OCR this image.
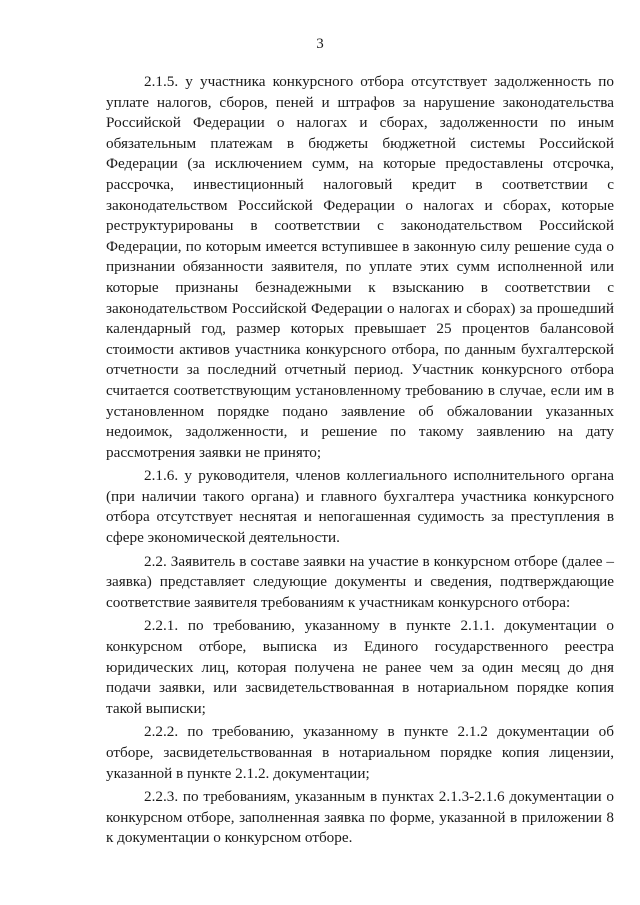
3

2.1.5. у участника конкурсного отбора отсутствует задолженность по уплате налогов, сборов, пеней и штрафов за нарушение законодательства Российской Федерации о налогах и сборах, задолженности по иным обязательным платежам в бюджеты бюджетной системы Российской Федерации (за исключением сумм, на которые предоставлены отсрочка, рассрочка, инвестиционный налоговый кредит в соответствии с законодательством Российской Федерации о налогах и сборах, которые реструктурированы в соответствии с законодательством Российской Федерации, по которым имеется вступившее в законную силу решение суда о признании обязанности заявителя, по уплате этих сумм исполненной или которые признаны безнадежными к взысканию в соответствии с законодательством Российской Федерации о налогах и сборах) за прошедший календарный год, размер которых превышает 25 процентов балансовой стоимости активов участника конкурсного отбора, по данным бухгалтерской отчетности за последний отчетный период. Участник конкурсного отбора считается соответствующим установленному требованию в случае, если им в установленном порядке подано заявление об обжаловании указанных недоимок, задолженности, и решение по такому заявлению на дату рассмотрения заявки не принято;

2.1.6. у руководителя, членов коллегиального исполнительного органа (при наличии такого органа) и главного бухгалтера участника конкурсного отбора отсутствует неснятая и непогашенная судимость за преступления в сфере экономической деятельности.

2.2. Заявитель в составе заявки на участие в конкурсном отборе (далее – заявка) представляет следующие документы и сведения, подтверждающие соответствие заявителя требованиям к участникам конкурсного отбора:

2.2.1. по требованию, указанному в пункте 2.1.1. документации о конкурсном отборе, выписка из Единого государственного реестра юридических лиц, которая получена не ранее чем за один месяц до дня подачи заявки, или засвидетельствованная в нотариальном порядке копия такой выписки;

2.2.2. по требованию, указанному в пункте 2.1.2 документации об отборе, засвидетельствованная в нотариальном порядке копия лицензии, указанной в пункте 2.1.2. документации;

2.2.3. по требованиям, указанным в пунктах 2.1.3-2.1.6 документации о конкурсном отборе, заполненная заявка по форме, указанной в приложении 8 к документации о конкурсном отборе.
